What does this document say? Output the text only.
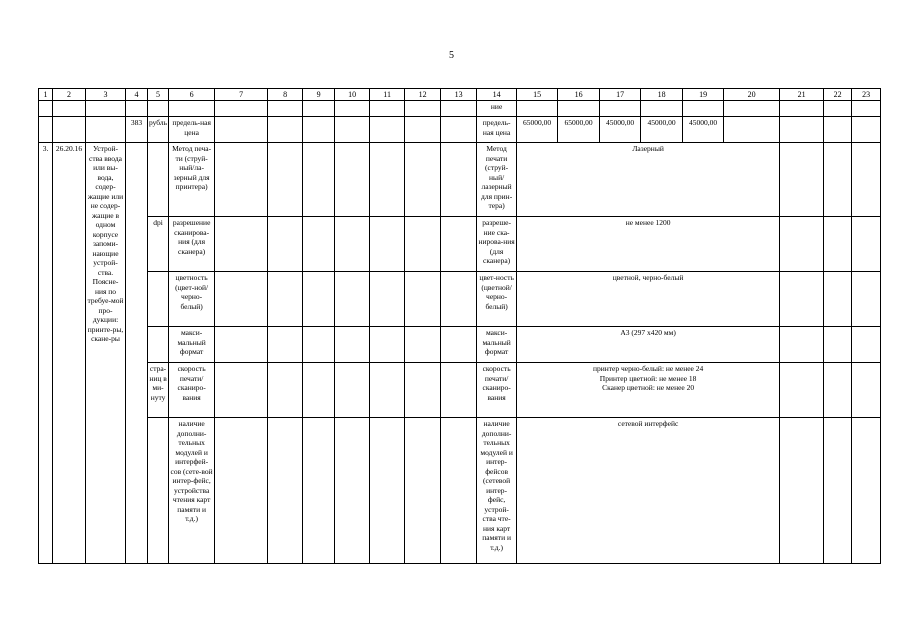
5
1	2	3	4	5	6	7	8	9	10	11	12	13	14	15	16	17	18	19	20	21	22	23
													ние									
			383	рубль	предель-ная цена								предель-ная цена	65000,00	65000,00	45000,00	45000,00	45000,00				
3.	26.20.16	Устрой-ства ввода или вы-вода, содер-жащие или не содер-жащие в одном корпусе запоми-нающие устрой-ства. Поясне-ния по требуе-мой про-дукции: принте-ры, скане-ры			Метод печа-ти (струй-ный/ла-зерный для принтера)								Метод печати (струй-ный/ лазерный для прин-тера)	Лазерный								
				dpi	разрешение сканирова-ния (для сканера)								разреше-ние ска-нирова-ния (для сканера)	не менее 1200								
					цветность (цвет-ной/черно-белый)								цвет-ность (цветной/ черно-белый)	цветной, черно-белый								
					макси-мальный формат								макси-мальный формат	А3 (297 х420 мм)								
				стра-ниц в ми-нуту	скорость печати/ сканиро-вания								скорость печати/ сканиро-вания	принтер черно-белый: не менее 24
Принтер цветной: не менее 18
Сканер цветной: не менее 20								

					наличие дополни-тельных модулей и интерфей-сов (сете-вой интер-фейс, устройства чтения карт памяти и т.д.)								наличие дополни-тельных модулей и интер-фейсов (сетевой интер-фейс, устрой-ства чте-ния карт памяти и т.д.)	сетевой интерфейс								
